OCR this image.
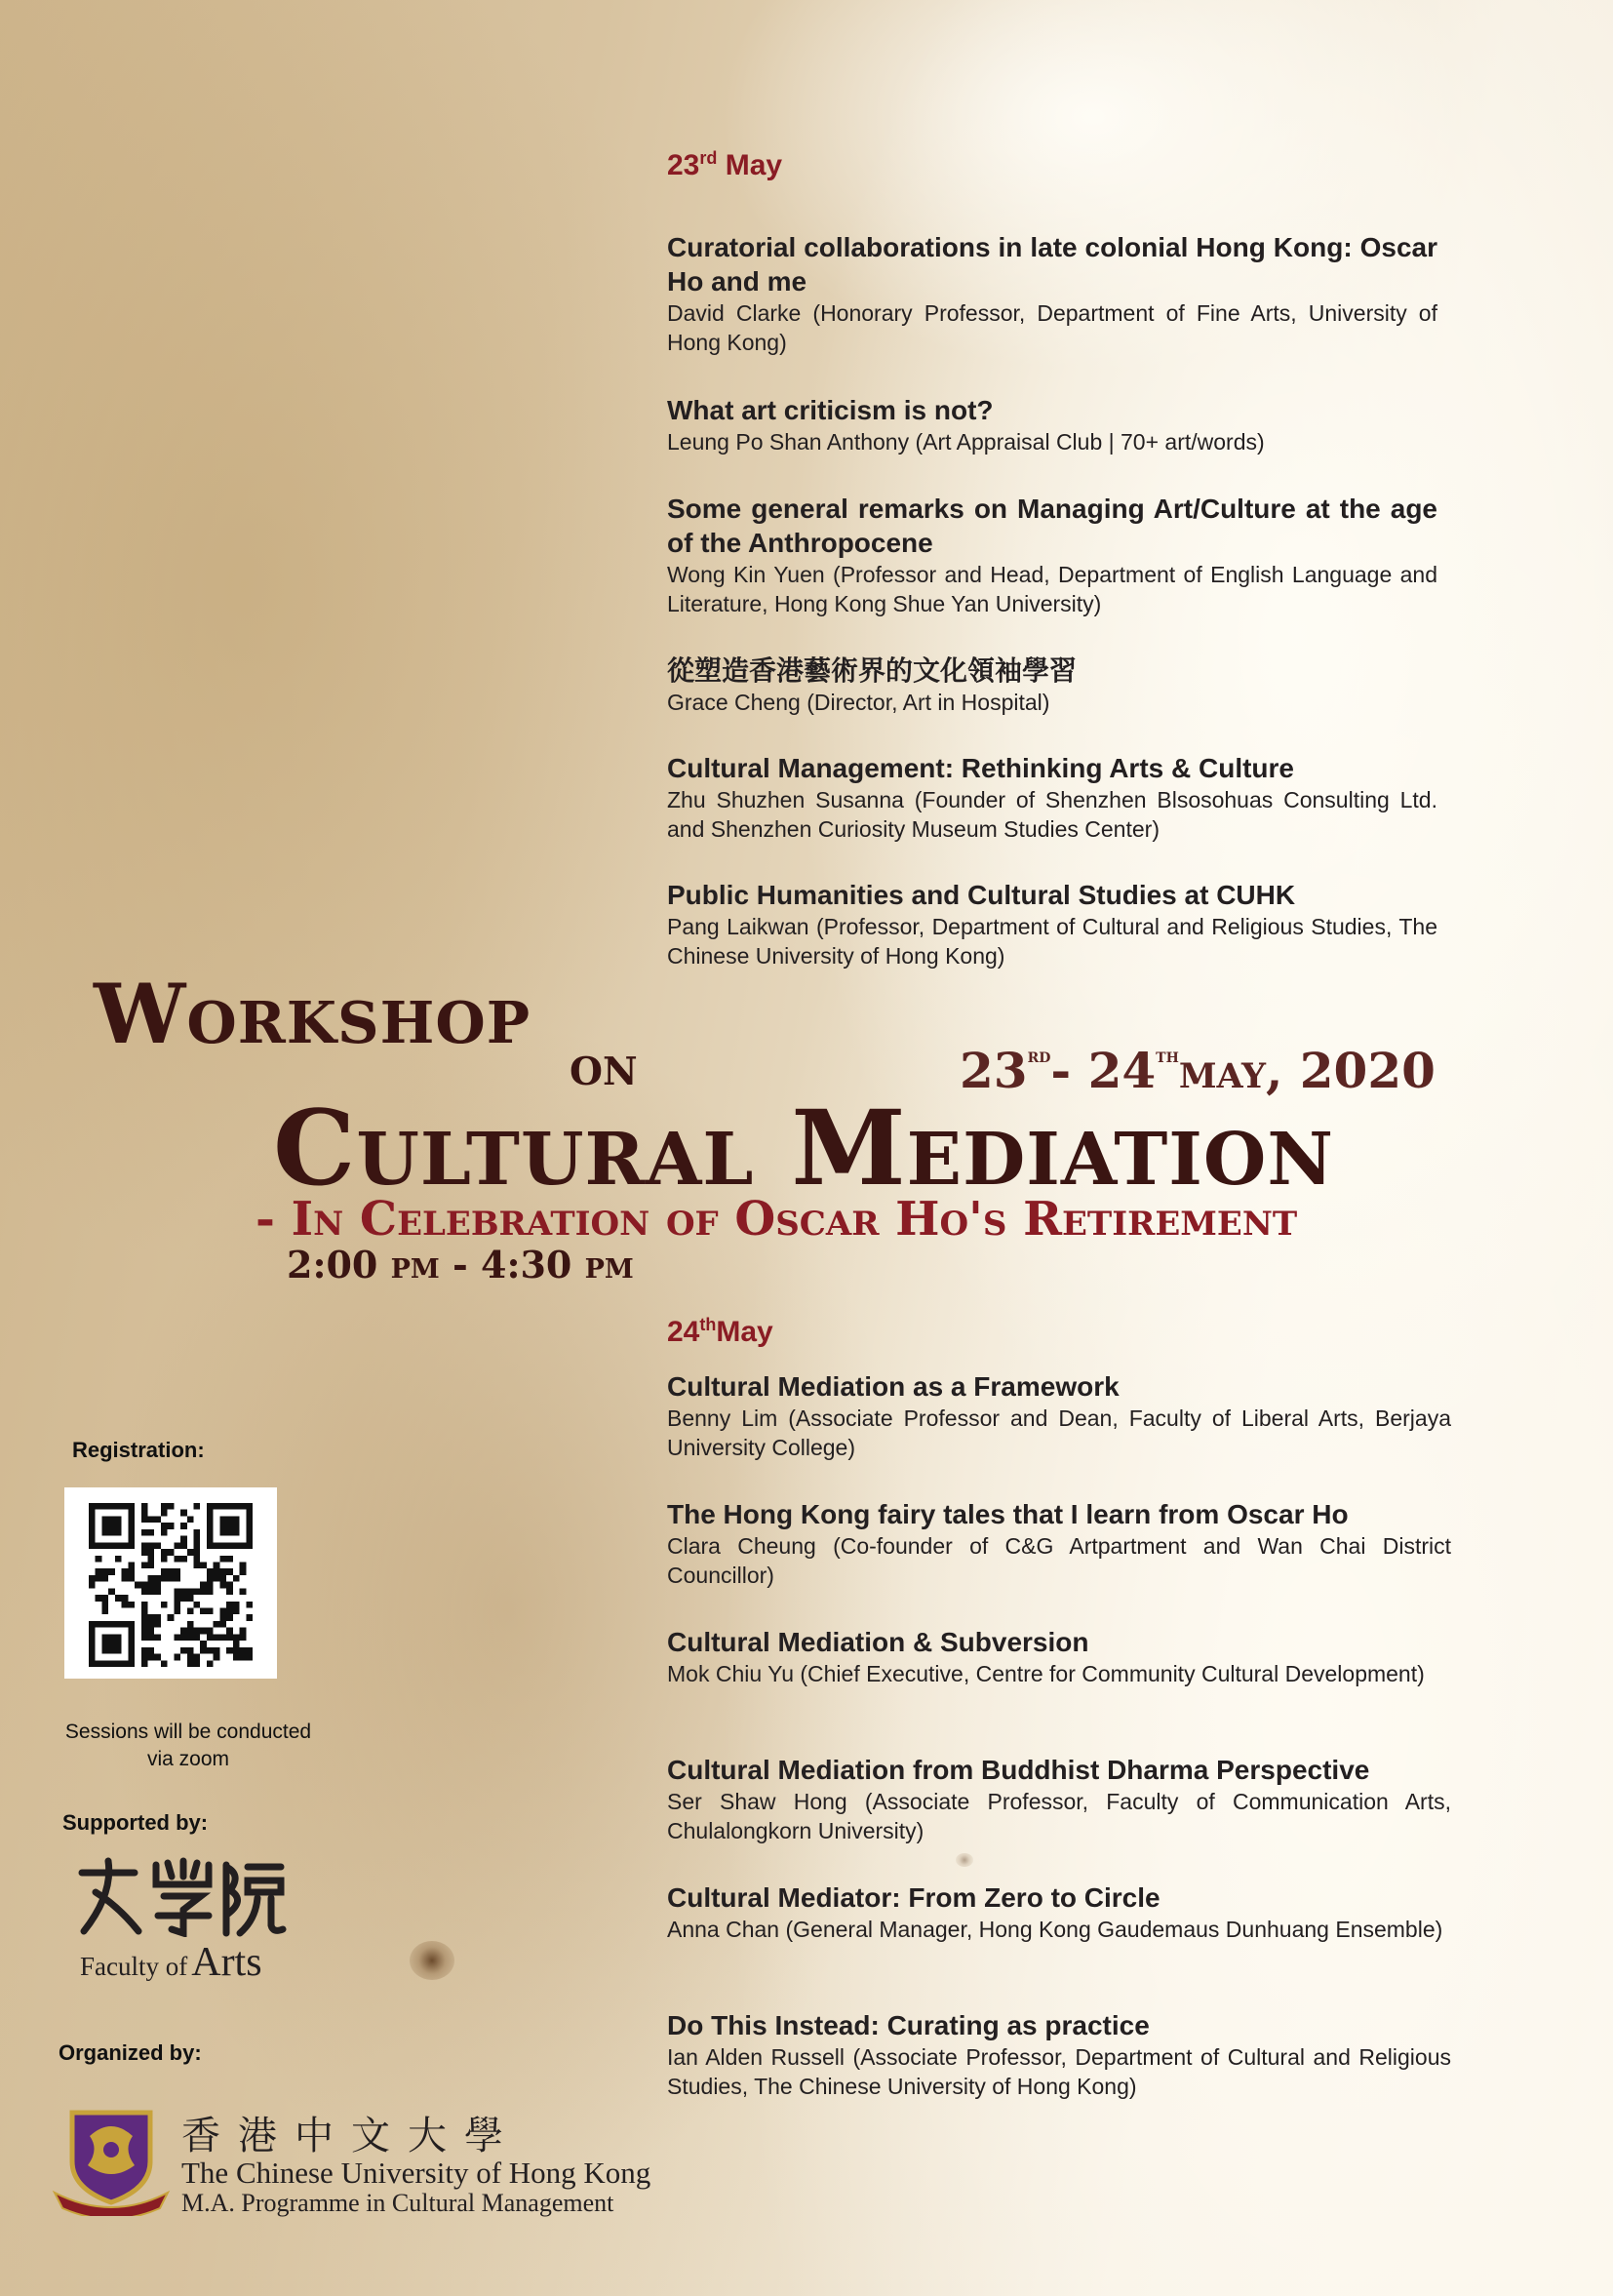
23rd May
Curatorial collaborations in late colonial Hong Kong: Oscar Ho and me
David Clarke (Honorary Professor, Department of Fine Arts, University of Hong Kong)
What art criticism is not?
Leung Po Shan Anthony (Art Appraisal Club | 70+ art/words)
Some general remarks on Managing Art/Culture at the age of the Anthropocene
Wong Kin Yuen (Professor and Head, Department of English Language and Literature, Hong Kong Shue Yan University)
從塑造香港藝術界的文化領袖學習
Grace Cheng (Director, Art in Hospital)
Cultural Management: Rethinking Arts & Culture
Zhu Shuzhen Susanna (Founder of Shenzhen Blsosohuas Consulting Ltd. and Shenzhen Curiosity Museum Studies Center)
Public Humanities and Cultural Studies at CUHK
Pang Laikwan (Professor, Department of Cultural and Religious Studies, The Chinese University of Hong Kong)
Workshop
on	23RD- 24THmay, 2020
Cultural Mediation
- In Celebration of Oscar Ho's Retirement
2:00 pm - 4:30 pm
24thMay
Cultural Mediation as a Framework
Benny Lim (Associate Professor and Dean, Faculty of Liberal Arts, Berjaya University College)
The Hong Kong fairy tales that I learn from Oscar Ho
Clara Cheung (Co-founder of C&G Artpartment and Wan Chai District Councillor)
Cultural Mediation & Subversion
Mok Chiu Yu (Chief Executive, Centre for Community Cultural Development)
Cultural Mediation from Buddhist Dharma Perspective
Ser Shaw Hong (Associate Professor, Faculty of Communication Arts, Chulalongkorn University)
Cultural Mediator: From Zero to Circle
Anna Chan (General Manager, Hong Kong Gaudemaus Dunhuang Ensemble)
Do This Instead: Curating as practice
Ian Alden Russell (Associate Professor, Department of Cultural and Religious Studies, The Chinese University of Hong Kong)
Registration:
Sessions will be conducted via zoom
Supported by:
Faculty of Arts
Organized by:
香港中文大學
The Chinese University of Hong Kong
M.A. Programme in Cultural Management
